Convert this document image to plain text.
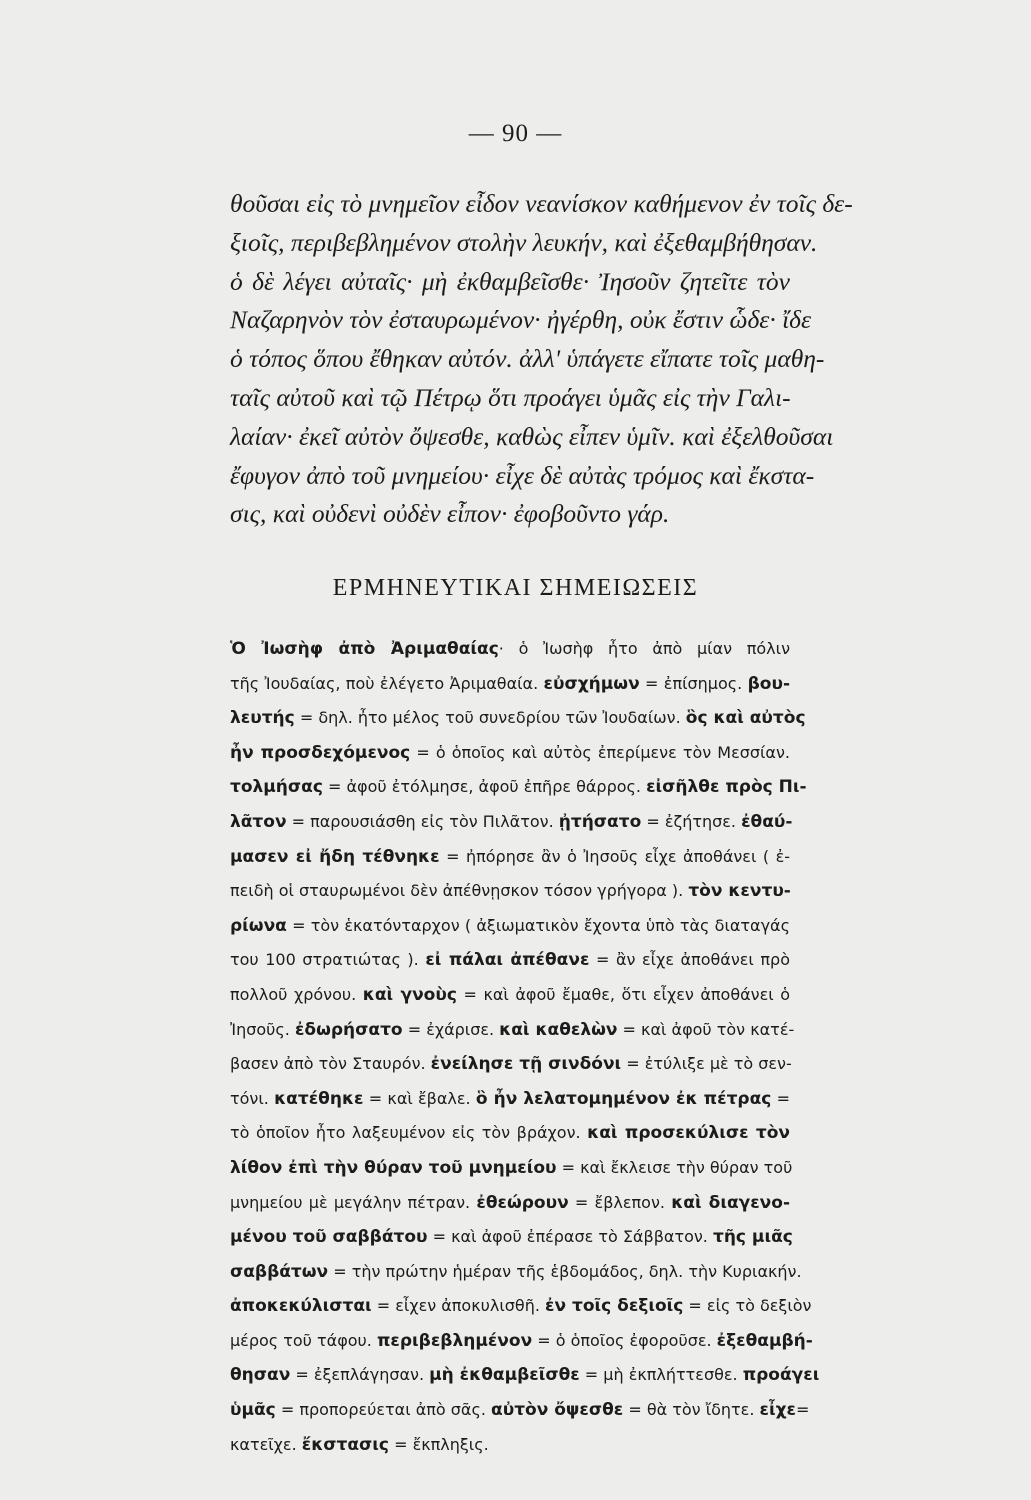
— 90 —
θοῦσαι εἰς τὸ μνημεῖον εἶδον νεανίσκον καθήμενον ἐν τοῖς δε-
ξιοῖς, περιβεβλημένον στολὴν λευκήν, καὶ ἐξεθαμβήθησαν.
ὁ δὲ λέγει αὐταῖς· μὴ ἐκθαμβεῖσθε· Ἰησοῦν ζητεῖτε τὸν
Ναζαρηνὸν τὸν ἐσταυρωμένον· ἠγέρθη, οὐκ ἔστιν ὧδε· ἴδε
ὁ τόπος ὅπου ἔθηκαν αὐτόν. ἀλλ' ὑπάγετε εἴπατε τοῖς μαθη-
ταῖς αὐτοῦ καὶ τῷ Πέτρῳ ὅτι προάγει ὑμᾶς εἰς τὴν Γαλι-
λαίαν· ἐκεῖ αὐτὸν ὄψεσθε, καθὼς εἶπεν ὑμῖν. καὶ ἐξελθοῦσαι
ἔφυγον ἀπὸ τοῦ μνημείου· εἶχε δὲ αὐτὰς τρόμος καὶ ἔκστα-
σις, καὶ οὐδενὶ οὐδὲν εἶπον· ἐφοβοῦντο γάρ.
ΕΡΜΗΝΕΥΤΙΚΑΙ ΣΗΜΕΙΩΣΕΙΣ
Ὁ Ἰωσὴφ ἀπὸ Ἀριμαθαίας· ὁ Ἰωσὴφ ἦτο ἀπὸ μίαν πόλιν
τῆς Ἰουδαίας, ποὺ ἐλέγετο Ἀριμαθαία. εὐσχήμων = ἐπίσημος. βου-
λευτής = δηλ. ἦτο μέλος τοῦ συνεδρίου τῶν Ἰουδαίων. ὃς καὶ αὐτὸς
ἦν προσδεχόμενος = ὁ ὁποῖος καὶ αὐτὸς ἐπερίμενε τὸν Μεσσίαν.
τολμήσας = ἀφοῦ ἐτόλμησε, ἀφοῦ ἐπῆρε θάρρος. εἰσῆλθε πρὸς Πι-
λᾶτον = παρουσιάσθη εἰς τὸν Πιλᾶτον. ᾐτήσατο = ἐζήτησε. ἐθαύ-
μασεν εἰ ἤδη τέθνηκε = ἠπόρησε ἂν ὁ Ἰησοῦς εἶχε ἀποθάνει ( ἐ-
πειδὴ οἱ σταυρωμένοι δὲν ἀπέθνῃσκον τόσον γρήγορα ). τὸν κεντυ-
ρίωνα = τὸν ἑκατόνταρχον ( ἀξιωματικὸν ἔχοντα ὑπὸ τὰς διαταγάς
του 100 στρατιώτας ). εἰ πάλαι ἀπέθανε = ἂν εἶχε ἀποθάνει πρὸ
πολλοῦ χρόνου. καὶ γνοὺς = καὶ ἀφοῦ ἔμαθε, ὅτι εἶχεν ἀποθάνει ὁ
Ἰησοῦς. ἐδωρήσατο = ἐχάρισε. καὶ καθελὼν = καὶ ἀφοῦ τὸν κατέ-
βασεν ἀπὸ τὸν Σταυρόν. ἐνείλησε τῇ σινδόνι = ἐτύλιξε μὲ τὸ σεν-
τόνι. κατέθηκε = καὶ ἔβαλε. ὃ ἦν λελατομημένον ἐκ πέτρας =
τὸ ὁποῖον ἦτο λαξευμένον εἰς τὸν βράχον. καὶ προσεκύλισε τὸν
λίθον ἐπὶ τὴν θύραν τοῦ μνημείου = καὶ ἔκλεισε τὴν θύραν τοῦ
μνημείου μὲ μεγάλην πέτραν. ἐθεώρουν = ἔβλεπον. καὶ διαγενο-
μένου τοῦ σαββάτου = καὶ ἀφοῦ ἐπέρασε τὸ Σάββατον. τῆς μιᾶς
σαββάτων = τὴν πρώτην ἡμέραν τῆς ἑβδομάδος, δηλ. τὴν Κυριακήν.
ἀποκεκύλισται = εἶχεν ἀποκυλισθῆ. ἐν τοῖς δεξιοῖς = εἰς τὸ δεξιὸν
μέρος τοῦ τάφου. περιβεβλημένον = ὁ ὁποῖος ἐφοροῦσε. ἐξεθαμβή-
θησαν = ἐξεπλάγησαν. μὴ ἐκθαμβεῖσθε = μὴ ἐκπλήττεσθε. προάγει
ὑμᾶς = προπορεύεται ἀπὸ σᾶς. αὐτὸν ὄψεσθε = θὰ τὸν ἴδητε. εἶχε=
κατεῖχε. ἔκστασις = ἔκπληξις.
